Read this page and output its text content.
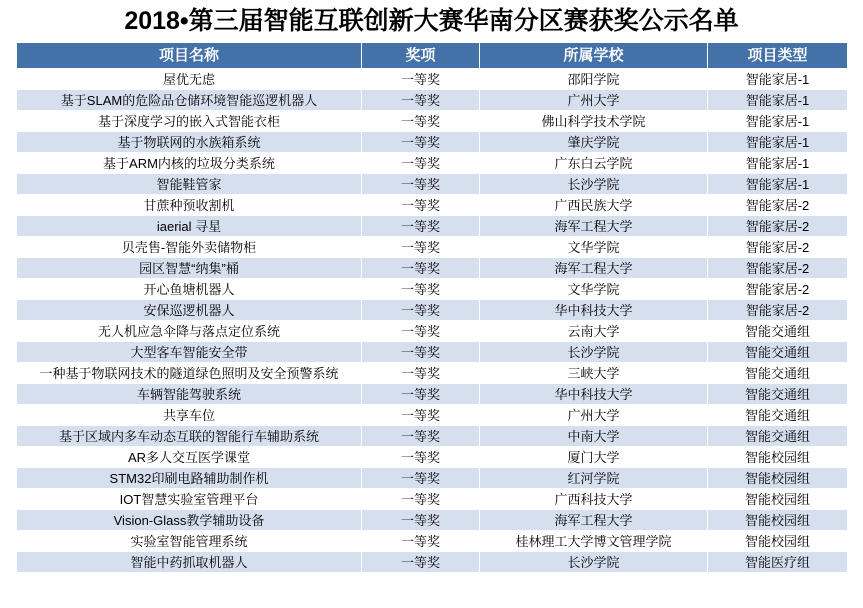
2018•第三届智能互联创新大赛华南分区赛获奖公示名单
项目名称	奖项	所属学校	项目类型
屋优无虑	一等奖	邵阳学院	智能家居-1
基于SLAM的危险品仓储环境智能巡逻机器人	一等奖	广州大学	智能家居-1
基于深度学习的嵌入式智能衣柜	一等奖	佛山科学技术学院	智能家居-1
基于物联网的水族箱系统	一等奖	肇庆学院	智能家居-1
基于ARM内核的垃圾分类系统	一等奖	广东白云学院	智能家居-1
智能鞋管家	一等奖	长沙学院	智能家居-1
甘蔗种预收割机	一等奖	广西民族大学	智能家居-2
iaerial 寻星	一等奖	海军工程大学	智能家居-2
贝壳售-智能外卖储物柜	一等奖	文华学院	智能家居-2
园区智慧“纳集”桶	一等奖	海军工程大学	智能家居-2
开心鱼塘机器人	一等奖	文华学院	智能家居-2
安保巡逻机器人	一等奖	华中科技大学	智能家居-2
无人机应急伞降与落点定位系统	一等奖	云南大学	智能交通组
大型客车智能安全带	一等奖	长沙学院	智能交通组
一种基于物联网技术的隧道绿色照明及安全预警系统	一等奖	三峡大学	智能交通组
车辆智能驾驶系统	一等奖	华中科技大学	智能交通组
共享车位	一等奖	广州大学	智能交通组
基于区域内多车动态互联的智能行车辅助系统	一等奖	中南大学	智能交通组
AR多人交互医学课堂	一等奖	厦门大学	智能校园组
STM32印刷电路辅助制作机	一等奖	红河学院	智能校园组
IOT智慧实验室管理平台	一等奖	广西科技大学	智能校园组
Vision-Glass教学辅助设备	一等奖	海军工程大学	智能校园组
实验室智能管理系统	一等奖	桂林理工大学博文管理学院	智能校园组
智能中药抓取机器人	一等奖	长沙学院	智能医疗组
